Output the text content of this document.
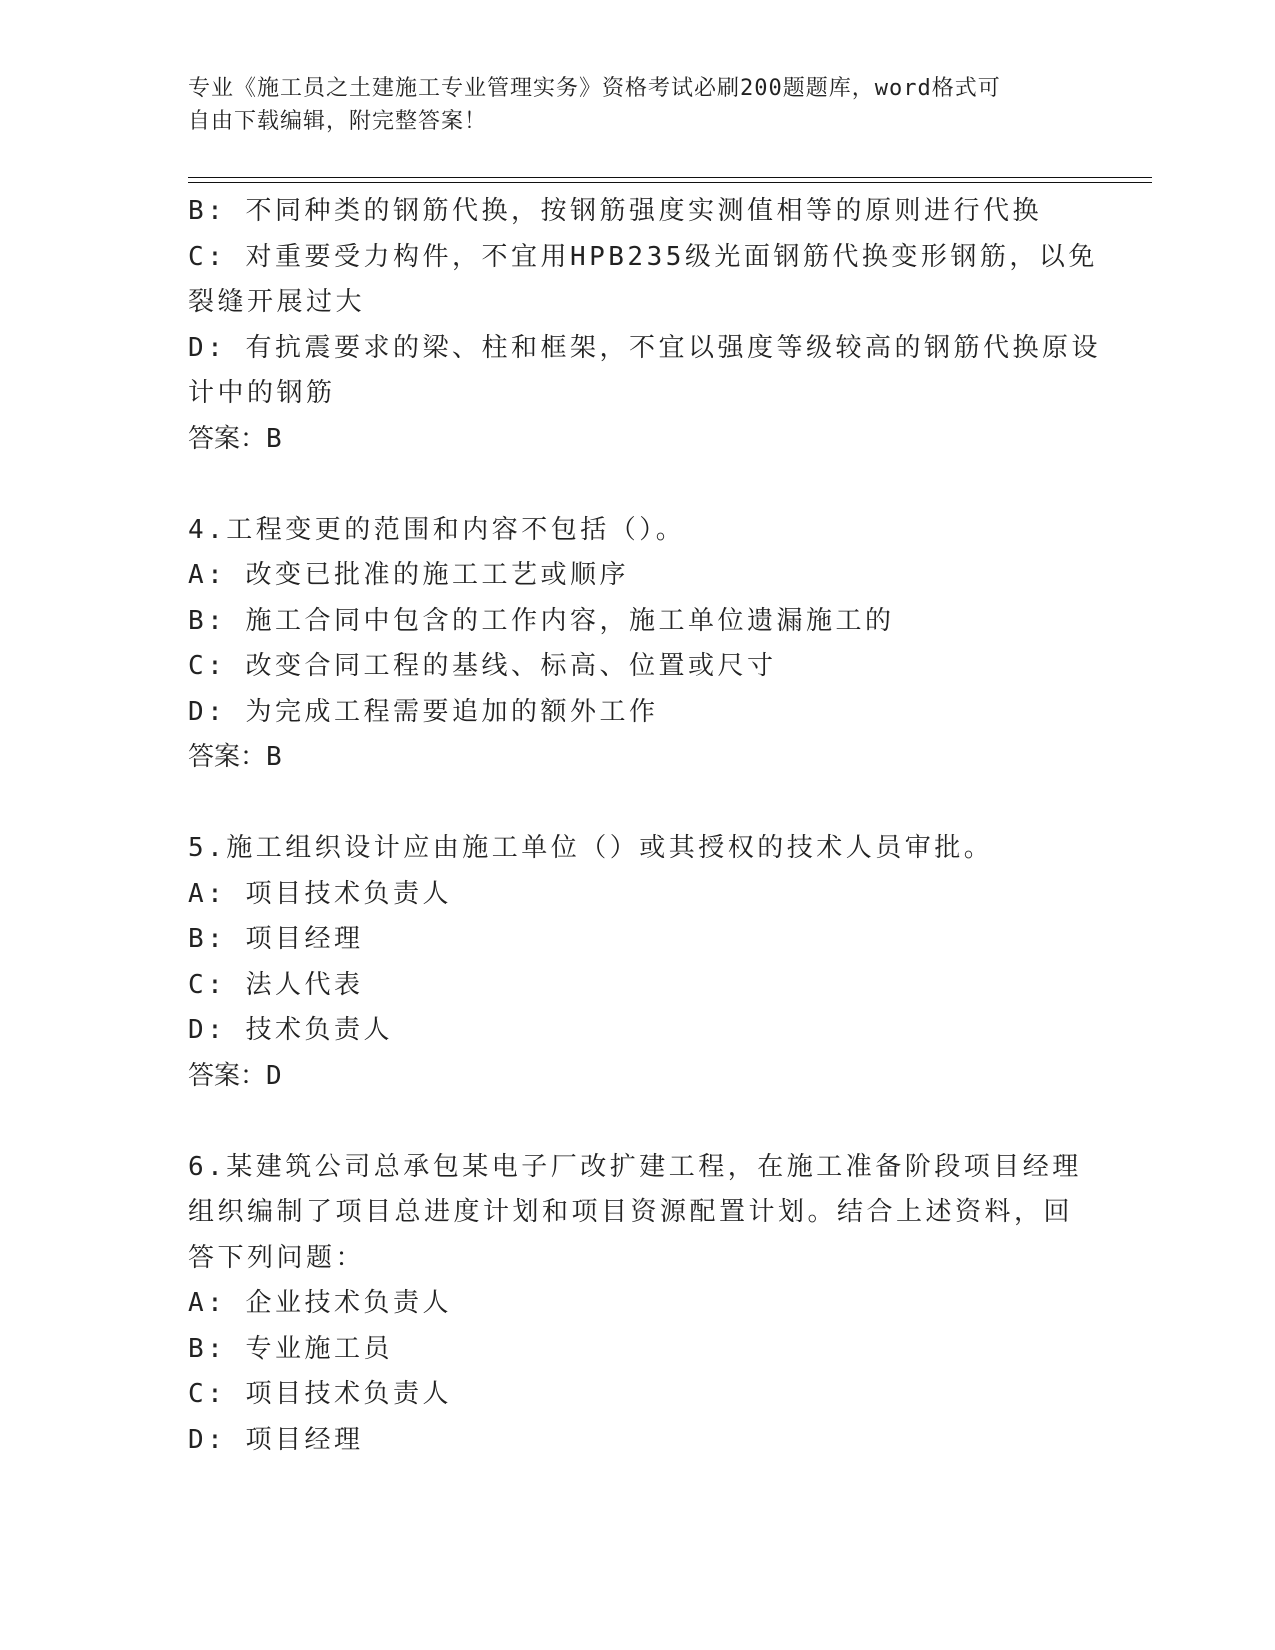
专业《施工员之土建施工专业管理实务》资格考试必刷200题题库，word格式可
自由下载编辑，附完整答案！
B: 不同种类的钢筋代换，按钢筋强度实测值相等的原则进行代换
C: 对重要受力构件，不宜用HPB235级光面钢筋代换变形钢筋，以免
裂缝开展过大
D: 有抗震要求的梁、柱和框架，不宜以强度等级较高的钢筋代换原设
计中的钢筋
答案：B
4.工程变更的范围和内容不包括（）。
A: 改变已批准的施工工艺或顺序
B: 施工合同中包含的工作内容，施工单位遗漏施工的
C: 改变合同工程的基线、标高、位置或尺寸
D: 为完成工程需要追加的额外工作
答案：B
5.施工组织设计应由施工单位（）或其授权的技术人员审批。
A: 项目技术负责人
B: 项目经理
C: 法人代表
D: 技术负责人
答案：D
6.某建筑公司总承包某电子厂改扩建工程，在施工准备阶段项目经理
组织编制了项目总进度计划和项目资源配置计划。结合上述资料，回
答下列问题：
A: 企业技术负责人
B: 专业施工员
C: 项目技术负责人
D: 项目经理
